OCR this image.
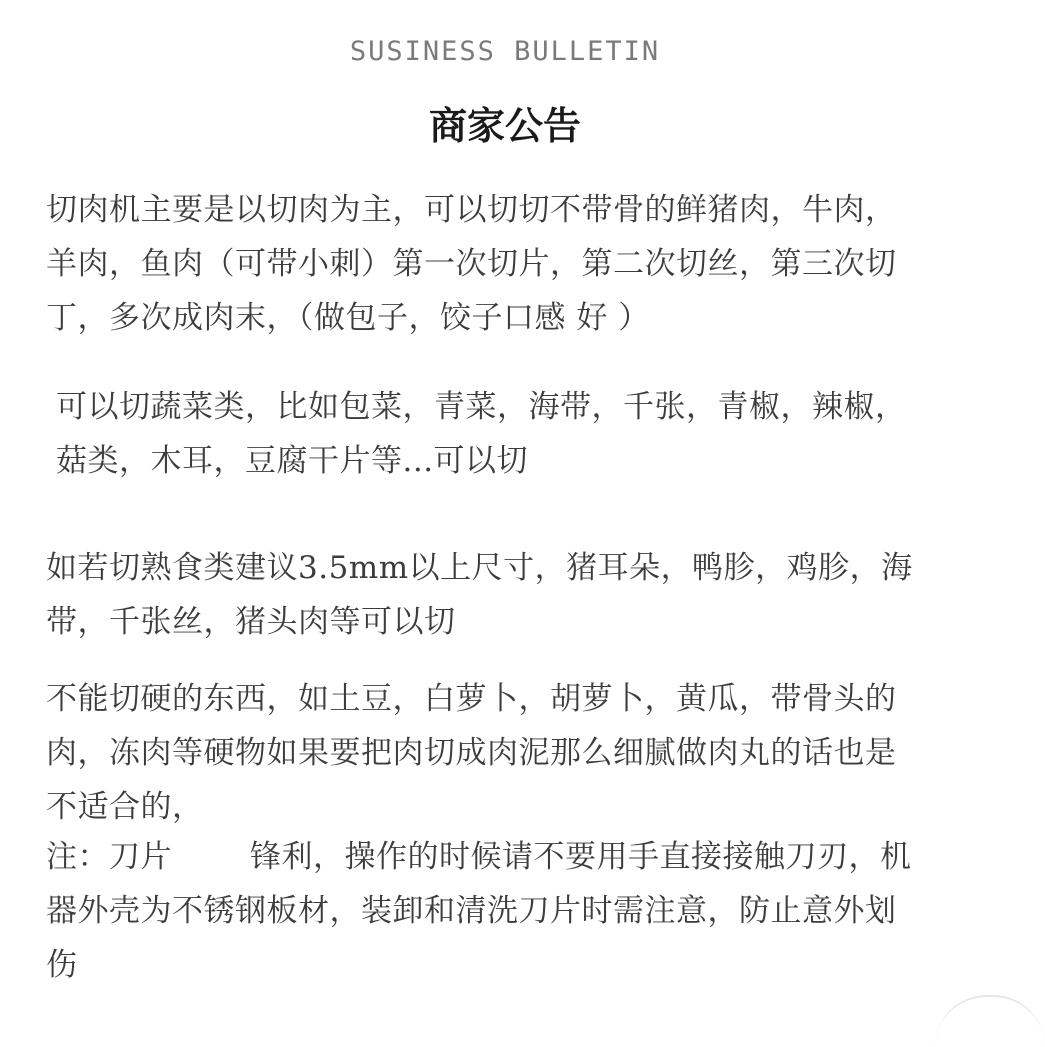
SUSINESS BULLETIN
商家公告
切肉机主要是以切肉为主，可以切切不带骨的鲜猪肉，牛肉，
羊肉，鱼肉（可带小刺）第一次切片，第二次切丝，第三次切
丁，多次成肉末，（做包子，饺子口感 好 ）
可以切蔬菜类，比如包菜，青菜，海带，千张，青椒，辣椒，
菇类，木耳，豆腐干片等...可以切
如若切熟食类建议3.5mm以上尺寸，猪耳朵，鸭胗，鸡胗，海
带，千张丝，猪头肉等可以切
不能切硬的东西，如土豆，白萝卜，胡萝卜，黄瓜，带骨头的
肉，冻肉等硬物如果要把肉切成肉泥那么细腻做肉丸的话也是
不适合的，
注：刀片	锋利，操作的时候请不要用手直接接触刀刃，机
器外壳为不锈钢板材，装卸和清洗刀片时需注意，防止意外划
伤
